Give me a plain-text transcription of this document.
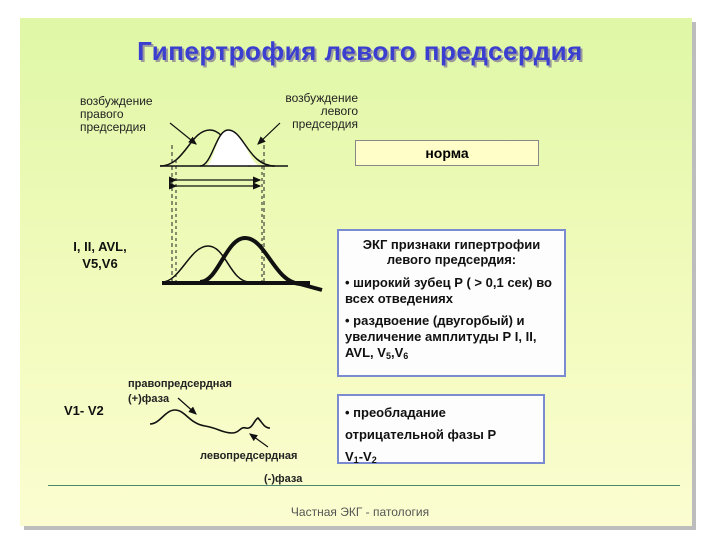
Гипертрофия левого предсердия
возбуждение
правого
предсердия
возбуждение
левого
предсердия
I, II, AVL,
V5,V6
V1- V2
правопредсердная
(+)фаза
левопредсердная
(-)фаза
норма
ЭКГ признаки гипертрофии левого предсердия:
• широкий зубец Р ( > 0,1 сек) во всех отведениях
• раздвоение (двугорбый) и увеличение амплитуды Р I, II, AVL, $V_5,V_6$
• преобладание
отрицательной фазы Р
$V_1-V_2$
Частная ЭКГ - патология
